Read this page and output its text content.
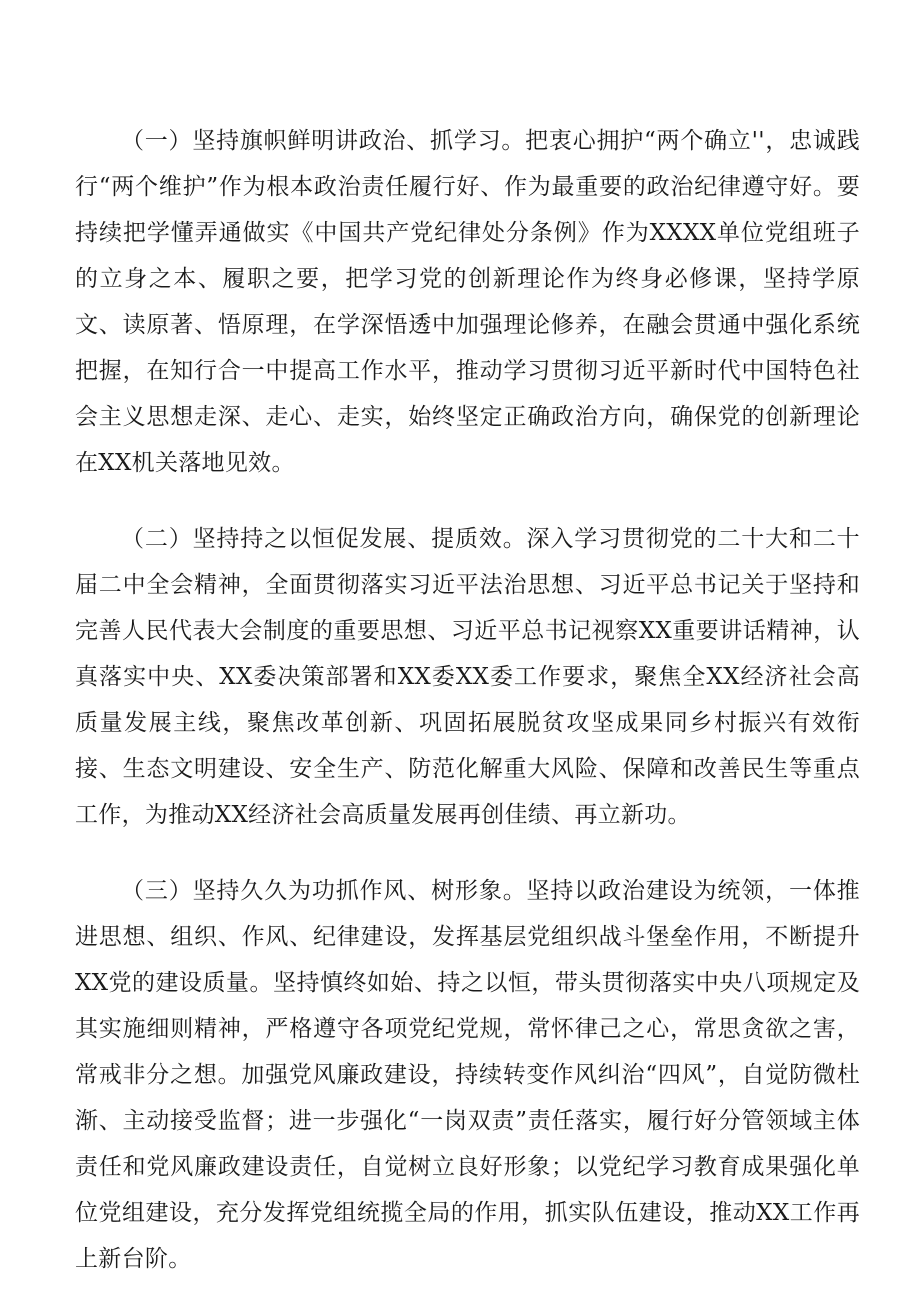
（一）坚持旗帜鲜明讲政治、抓学习。把衷心拥护“两个确立''，忠诚践行“两个维护”作为根本政治责任履行好、作为最重要的政治纪律遵守好。要持续把学懂弄通做实《中国共产党纪律处分条例》作为XXXX单位党组班子的立身之本、履职之要，把学习党的创新理论作为终身必修课，坚持学原文、读原著、悟原理，在学深悟透中加强理论修养，在融会贯通中强化系统把握，在知行合一中提高工作水平，推动学习贯彻习近平新时代中国特色社会主义思想走深、走心、走实，始终坚定正确政治方向，确保党的创新理论在XX机关落地见效。

（二）坚持持之以恒促发展、提质效。深入学习贯彻党的二十大和二十届二中全会精神，全面贯彻落实习近平法治思想、习近平总书记关于坚持和完善人民代表大会制度的重要思想、习近平总书记视察XX重要讲话精神，认真落实中央、XX委决策部署和XX委XX委工作要求，聚焦全XX经济社会高质量发展主线，聚焦改革创新、巩固拓展脱贫攻坚成果同乡村振兴有效衔接、生态文明建设、安全生产、防范化解重大风险、保障和改善民生等重点工作，为推动XX经济社会高质量发展再创佳绩、再立新功。

（三）坚持久久为功抓作风、树形象。坚持以政治建设为统领，一体推进思想、组织、作风、纪律建设，发挥基层党组织战斗堡垒作用，不断提升XX党的建设质量。坚持慎终如始、持之以恒，带头贯彻落实中央八项规定及其实施细则精神，严格遵守各项党纪党规，常怀律己之心，常思贪欲之害，常戒非分之想。加强党风廉政建设，持续转变作风纠治“四风”，自觉防微杜渐、主动接受监督；进一步强化“一岗双责”责任落实，履行好分管领域主体责任和党风廉政建设责任，自觉树立良好形象；以党纪学习教育成果强化单位党组建设，充分发挥党组统揽全局的作用，抓实队伍建设，推动XX工作再上新台阶。
